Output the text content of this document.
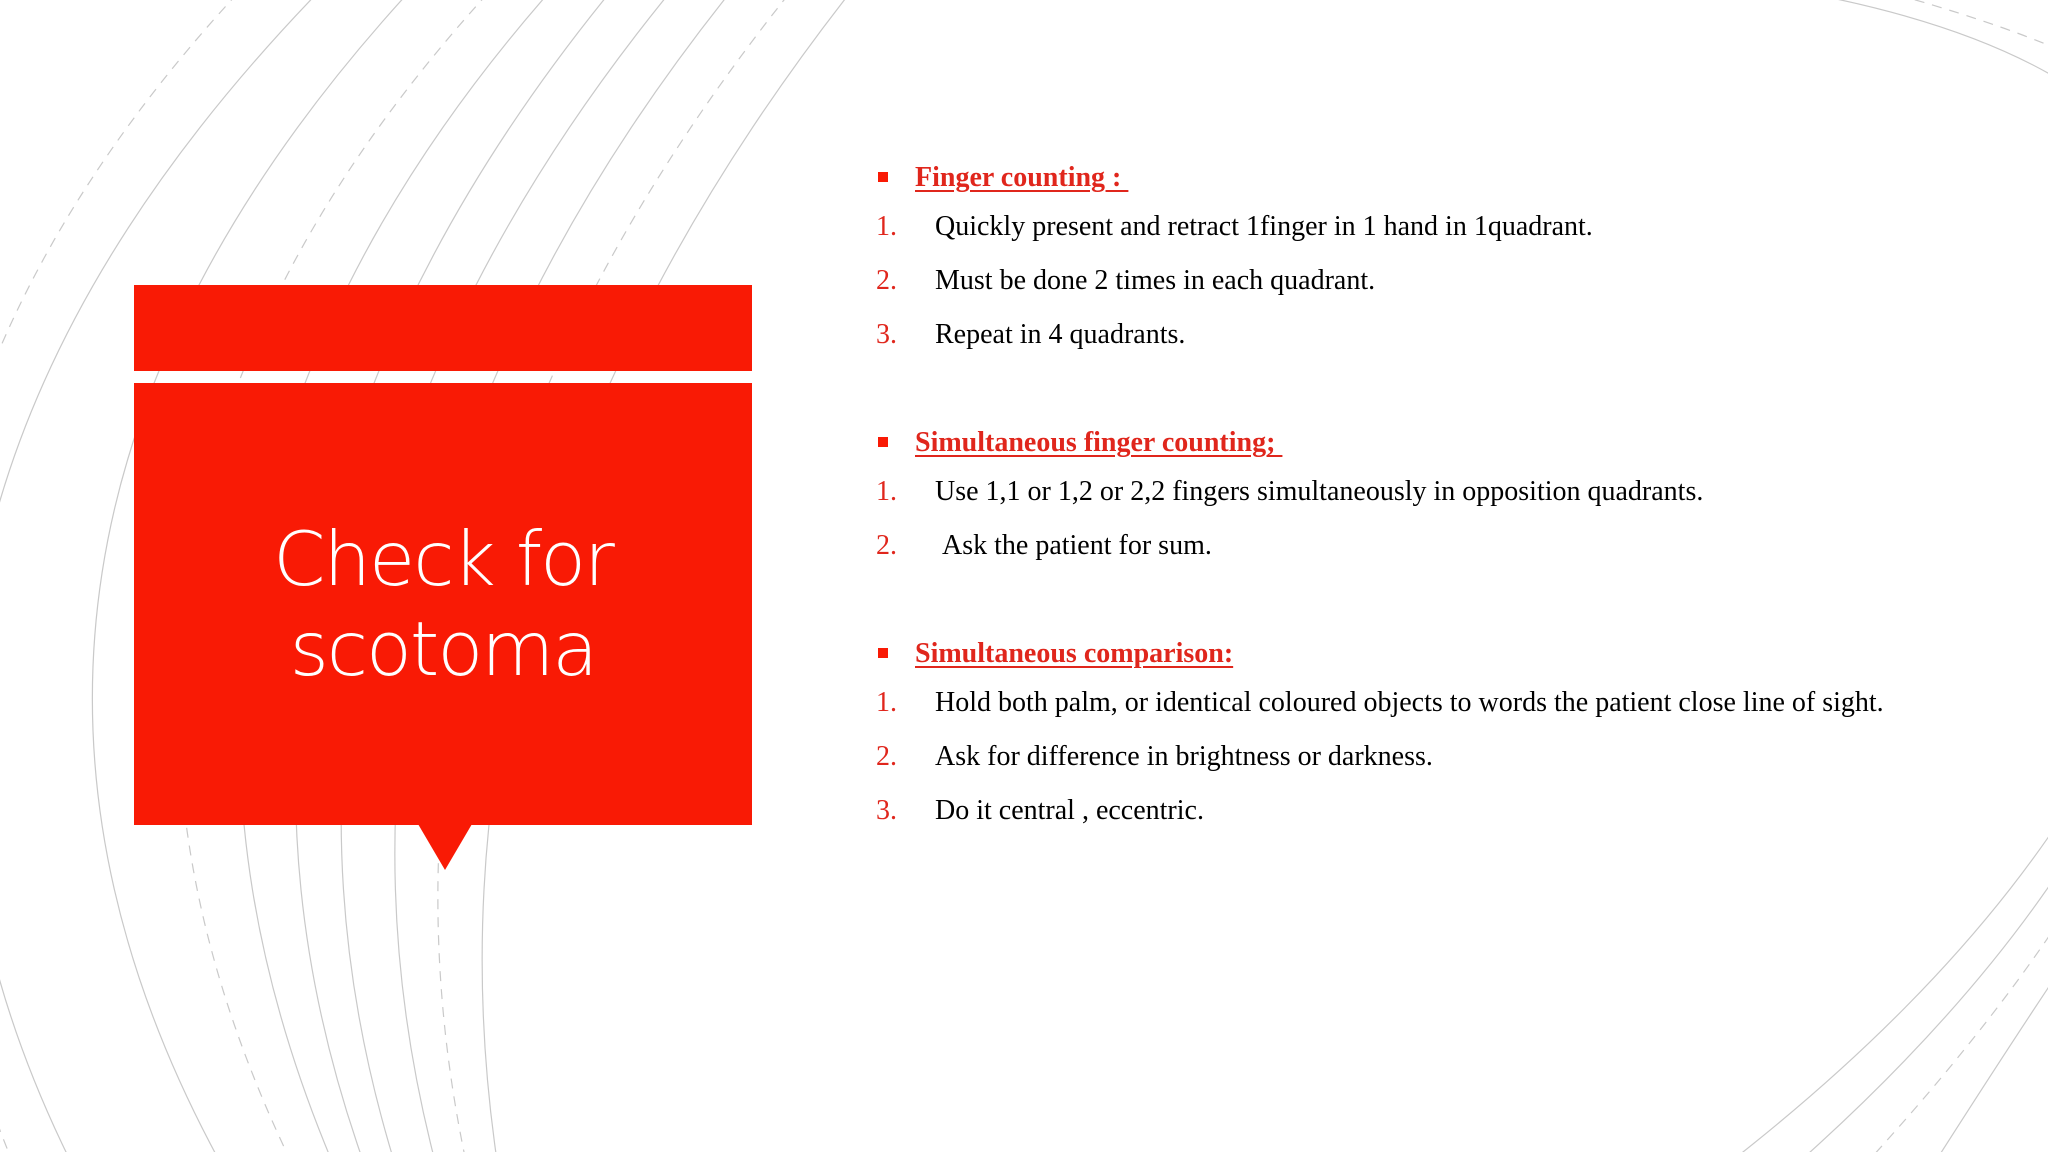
Check for
scotoma
Finger counting :
1. Quickly present and retract 1finger in 1 hand in 1quadrant.
2. Must be done 2 times in each quadrant.
3. Repeat in 4 quadrants.
Simultaneous finger counting;
1. Use 1,1 or 1,2 or 2,2 fingers simultaneously in opposition quadrants.
2. Ask the patient for sum.
Simultaneous comparison:
1. Hold both palm, or identical coloured objects to words the patient close line of sight.
2. Ask for difference in brightness or darkness.
3. Do it central , eccentric.
